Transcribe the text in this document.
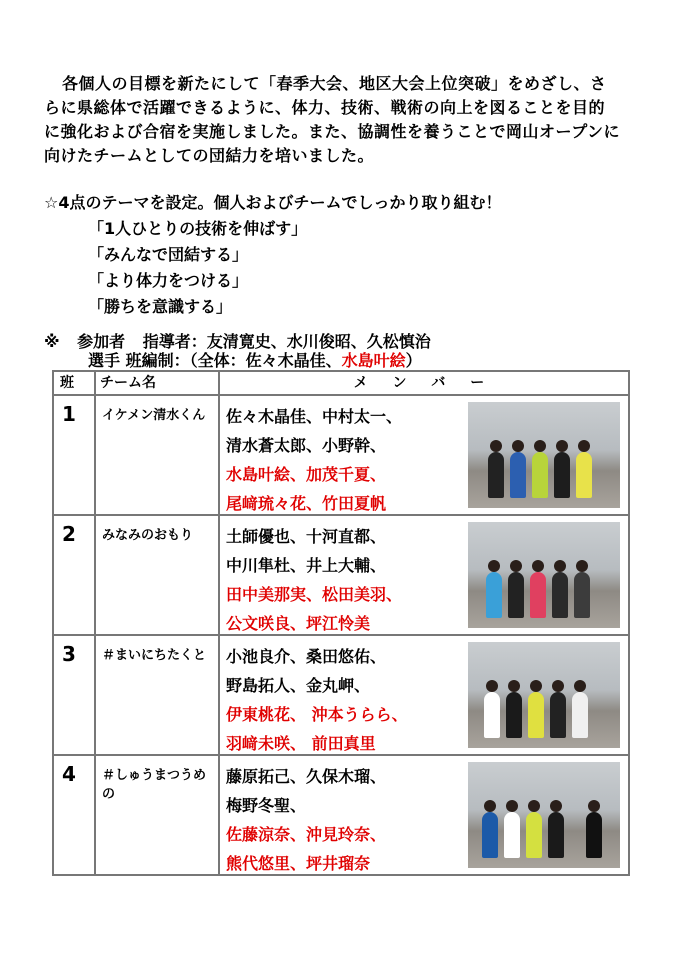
各個人の目標を新たにして「春季大会、地区大会上位突破」をめざし、さ

らに県総体で活躍できるように、体力、技術、戦術の向上を図ることを目的
に強化および合宿を実施しました。また、協調性を養うことで岡山オープンに
向けたチームとしての団結力を培いました。
☆4点のテーマを設定。個人およびチームでしっかり取り組む！
「1人ひとりの技術を伸ばす」
「みんなで団結する」
「より体力をつける」
「勝ちを意識する」
※ 参加者 指導者：友清寛史、水川俊昭、久松慎治
選手 班編制：（全体：佐々木晶佳、水島叶絵）
班	チーム名	メ ン バ ー
1	イケメン清水くん	佐々木晶佳、中村太一、
清水蒼太郎、小野幹、
水島叶絵、加茂千夏、
尾﨑琉々花、竹田夏帆

2	みなみのおもり	土師優也、十河直都、
中川隼杜、井上大輔、
田中美那実、松田美羽、
公文咲良、坪江怜美

3	＃まいにちたくと	小池良介、桑田悠佑、
野島拓人、金丸岬、
伊東桃花、 沖本うらら、
羽﨑未咲、 前田真里

4	＃しゅうまつうめの	藤原拓己、久保木瑠、
梅野冬聖、
佐藤涼奈、沖見玲奈、
熊代悠里、坪井瑠奈
